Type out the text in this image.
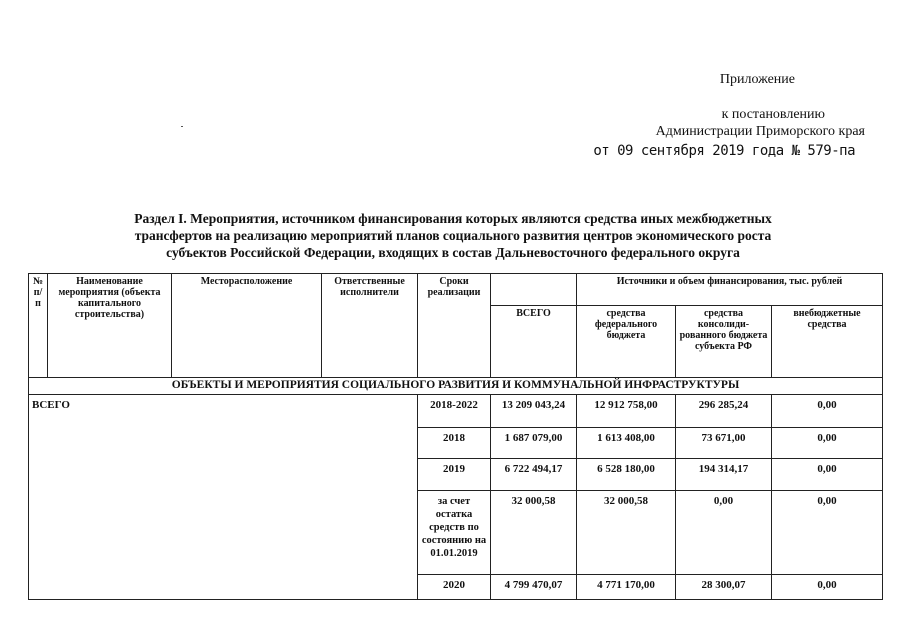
Приложение
к постановлению
Администрации Приморского края
от 09 сентября 2019 года № 579-па
Раздел I. Мероприятия, источником финансирования которых являются средства иных межбюджетных
трансфертов на реализацию мероприятий планов социального развития центров экономического роста
субъектов Российской Федерации, входящих в состав Дальневосточного федерального округа
№ п/ п	Наименование мероприятия (объекта капитального строительства)	Месторасположение	Ответственные исполнители	Сроки реализации		Источники и объем финансирования, тыс. рублей		
					ВСЕГО	средства федерального бюджета	средства консолиди- рованного бюджета субъекта РФ	внебюджетные средства
ОБЪЕКТЫ И МЕРОПРИЯТИЯ СОЦИАЛЬНОГО РАЗВИТИЯ И КОММУНАЛЬНОЙ ИНФРАСТРУКТУРЫ								
ВСЕГО				2018-2022	13 209 043,24	12 912 758,00	296 285,24	0,00
				2018	1 687 079,00	1 613 408,00	73 671,00	0,00
				2019	6 722 494,17	6 528 180,00	194 314,17	0,00
				за счет остатка средств по состоянию на 01.01.2019	32 000,58	32 000,58	0,00	0,00
				2020	4 799 470,07	4 771 170,00	28 300,07	0,00
